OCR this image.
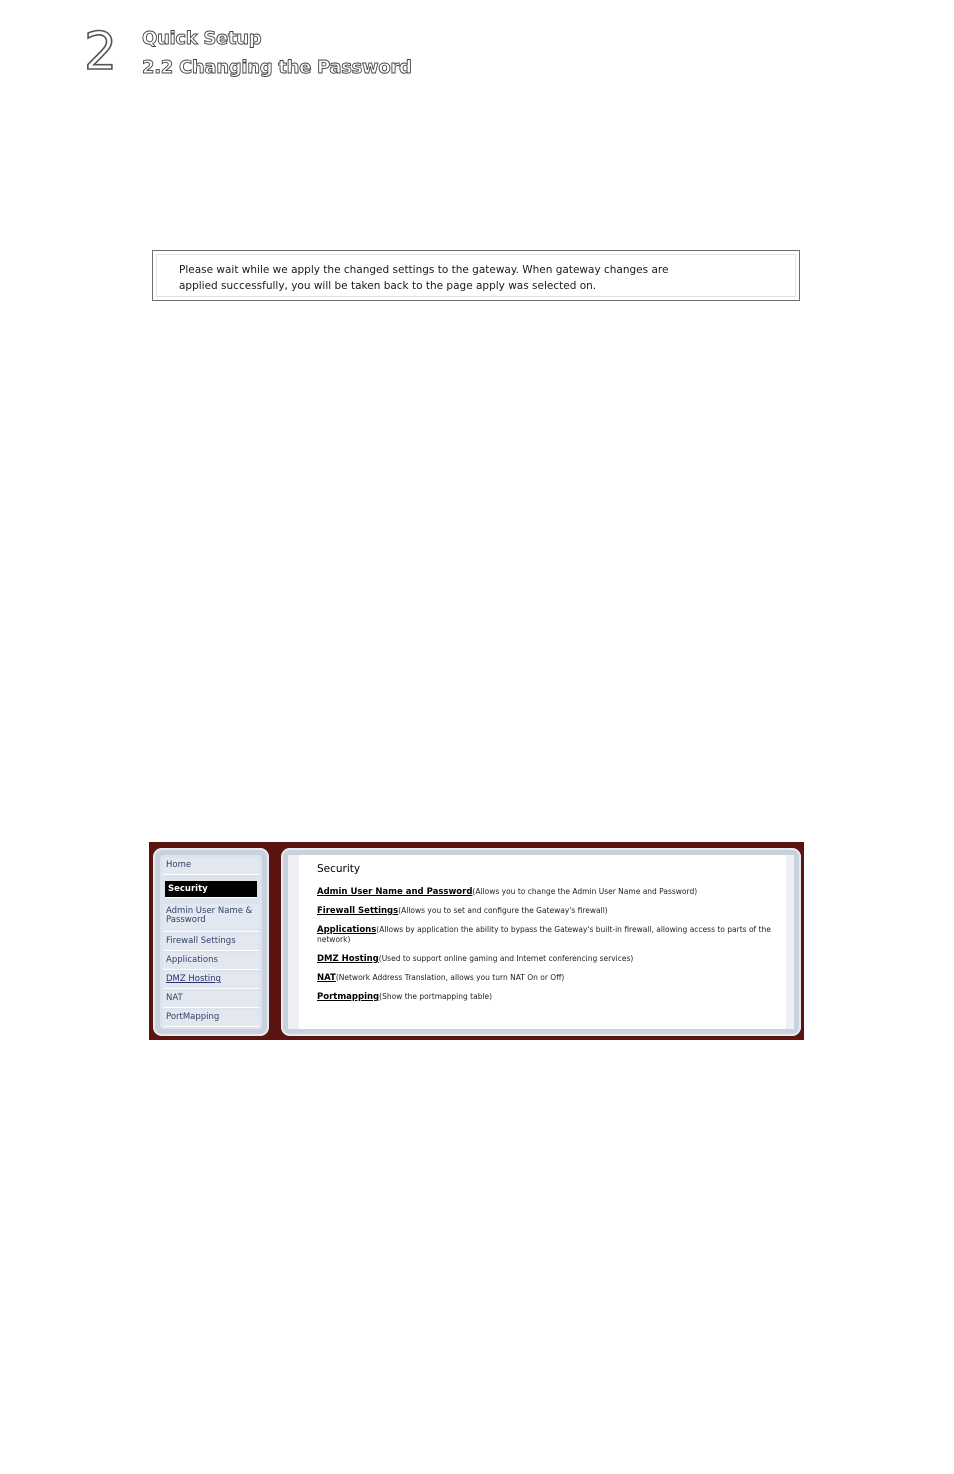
2 Quick Setup
2.2 Changing the Password
Please wait while we apply the changed settings to the gateway. When gateway changes are
applied successfully, you will be taken back to the page apply was selected on.
Home
Security
Admin User Name & Password
Firewall Settings
Applications
DMZ Hosting
NAT
PortMapping
Security
Admin User Name and Password(Allows you to change the Admin User Name and Password)
Firewall Settings(Allows you to set and configure the Gateway's firewall)
Applications(Allows by application the ability to bypass the Gateway's built-in firewall, allowing access to parts of the network)
DMZ Hosting(Used to support online gaming and Internet conferencing services)
NAT(Network Address Translation, allows you turn NAT On or Off)
Portmapping(Show the portmapping table)
